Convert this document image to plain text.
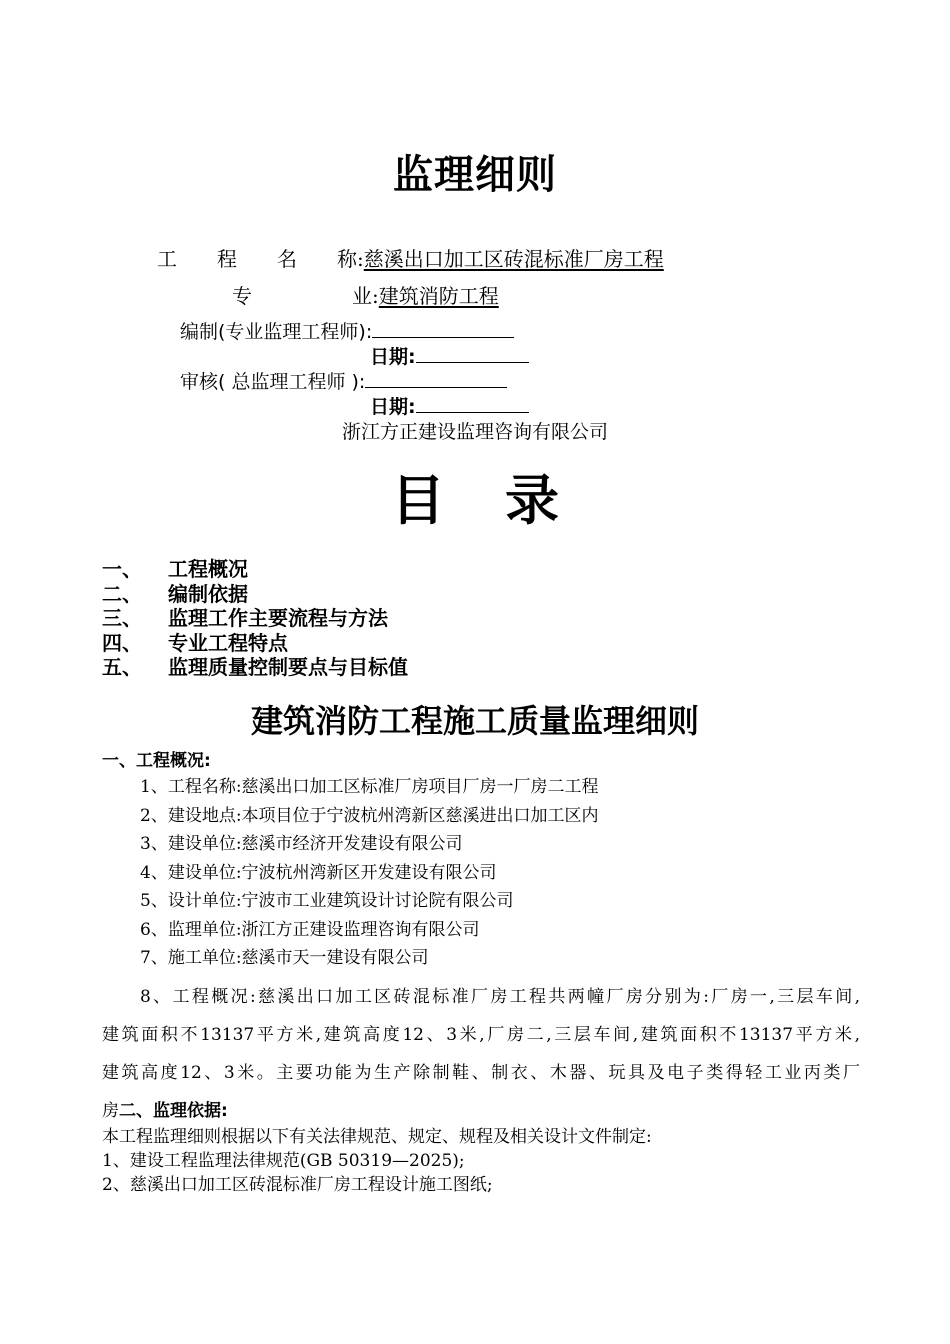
监理细则
工　　程　　名　　称:慈溪出口加工区砖混标准厂房工程
专　　　　　业:建筑消防工程
编制(专业监理工程师):
日期:
审核( 总监理工程师 ):
日期:
浙江方正建设监理咨询有限公司
目录
一、 工程概况
二、 编制依据
三、 监理工作主要流程与方法
四、 专业工程特点
五、 监理质量控制要点与目标值
建筑消防工程施工质量监理细则
一、工程概况:
1、工程名称:慈溪出口加工区标准厂房项目厂房一厂房二工程
2、建设地点:本项目位于宁波杭州湾新区慈溪进出口加工区内
3、建设单位:慈溪市经济开发建设有限公司
4、建设单位:宁波杭州湾新区开发建设有限公司
5、设计单位:宁波市工业建筑设计讨论院有限公司
6、监理单位:浙江方正建设监理咨询有限公司
7、施工单位:慈溪市天一建设有限公司
8、工程概况:慈溪出口加工区砖混标准厂房工程共两幢厂房分别为:厂房一,三层车间,
建筑面积不13137平方米,建筑高度12、3米,厂房二,三层车间,建筑面积不13137平方米,
建筑高度12、3米。主要功能为生产除制鞋、制衣、木器、玩具及电子类得轻工业丙类厂
房二、监理依据:
本工程监理细则根据以下有关法律规范、规定、规程及相关设计文件制定:
1、建设工程监理法律规范(GB 50319—2025);
2、慈溪出口加工区砖混标准厂房工程设计施工图纸;
